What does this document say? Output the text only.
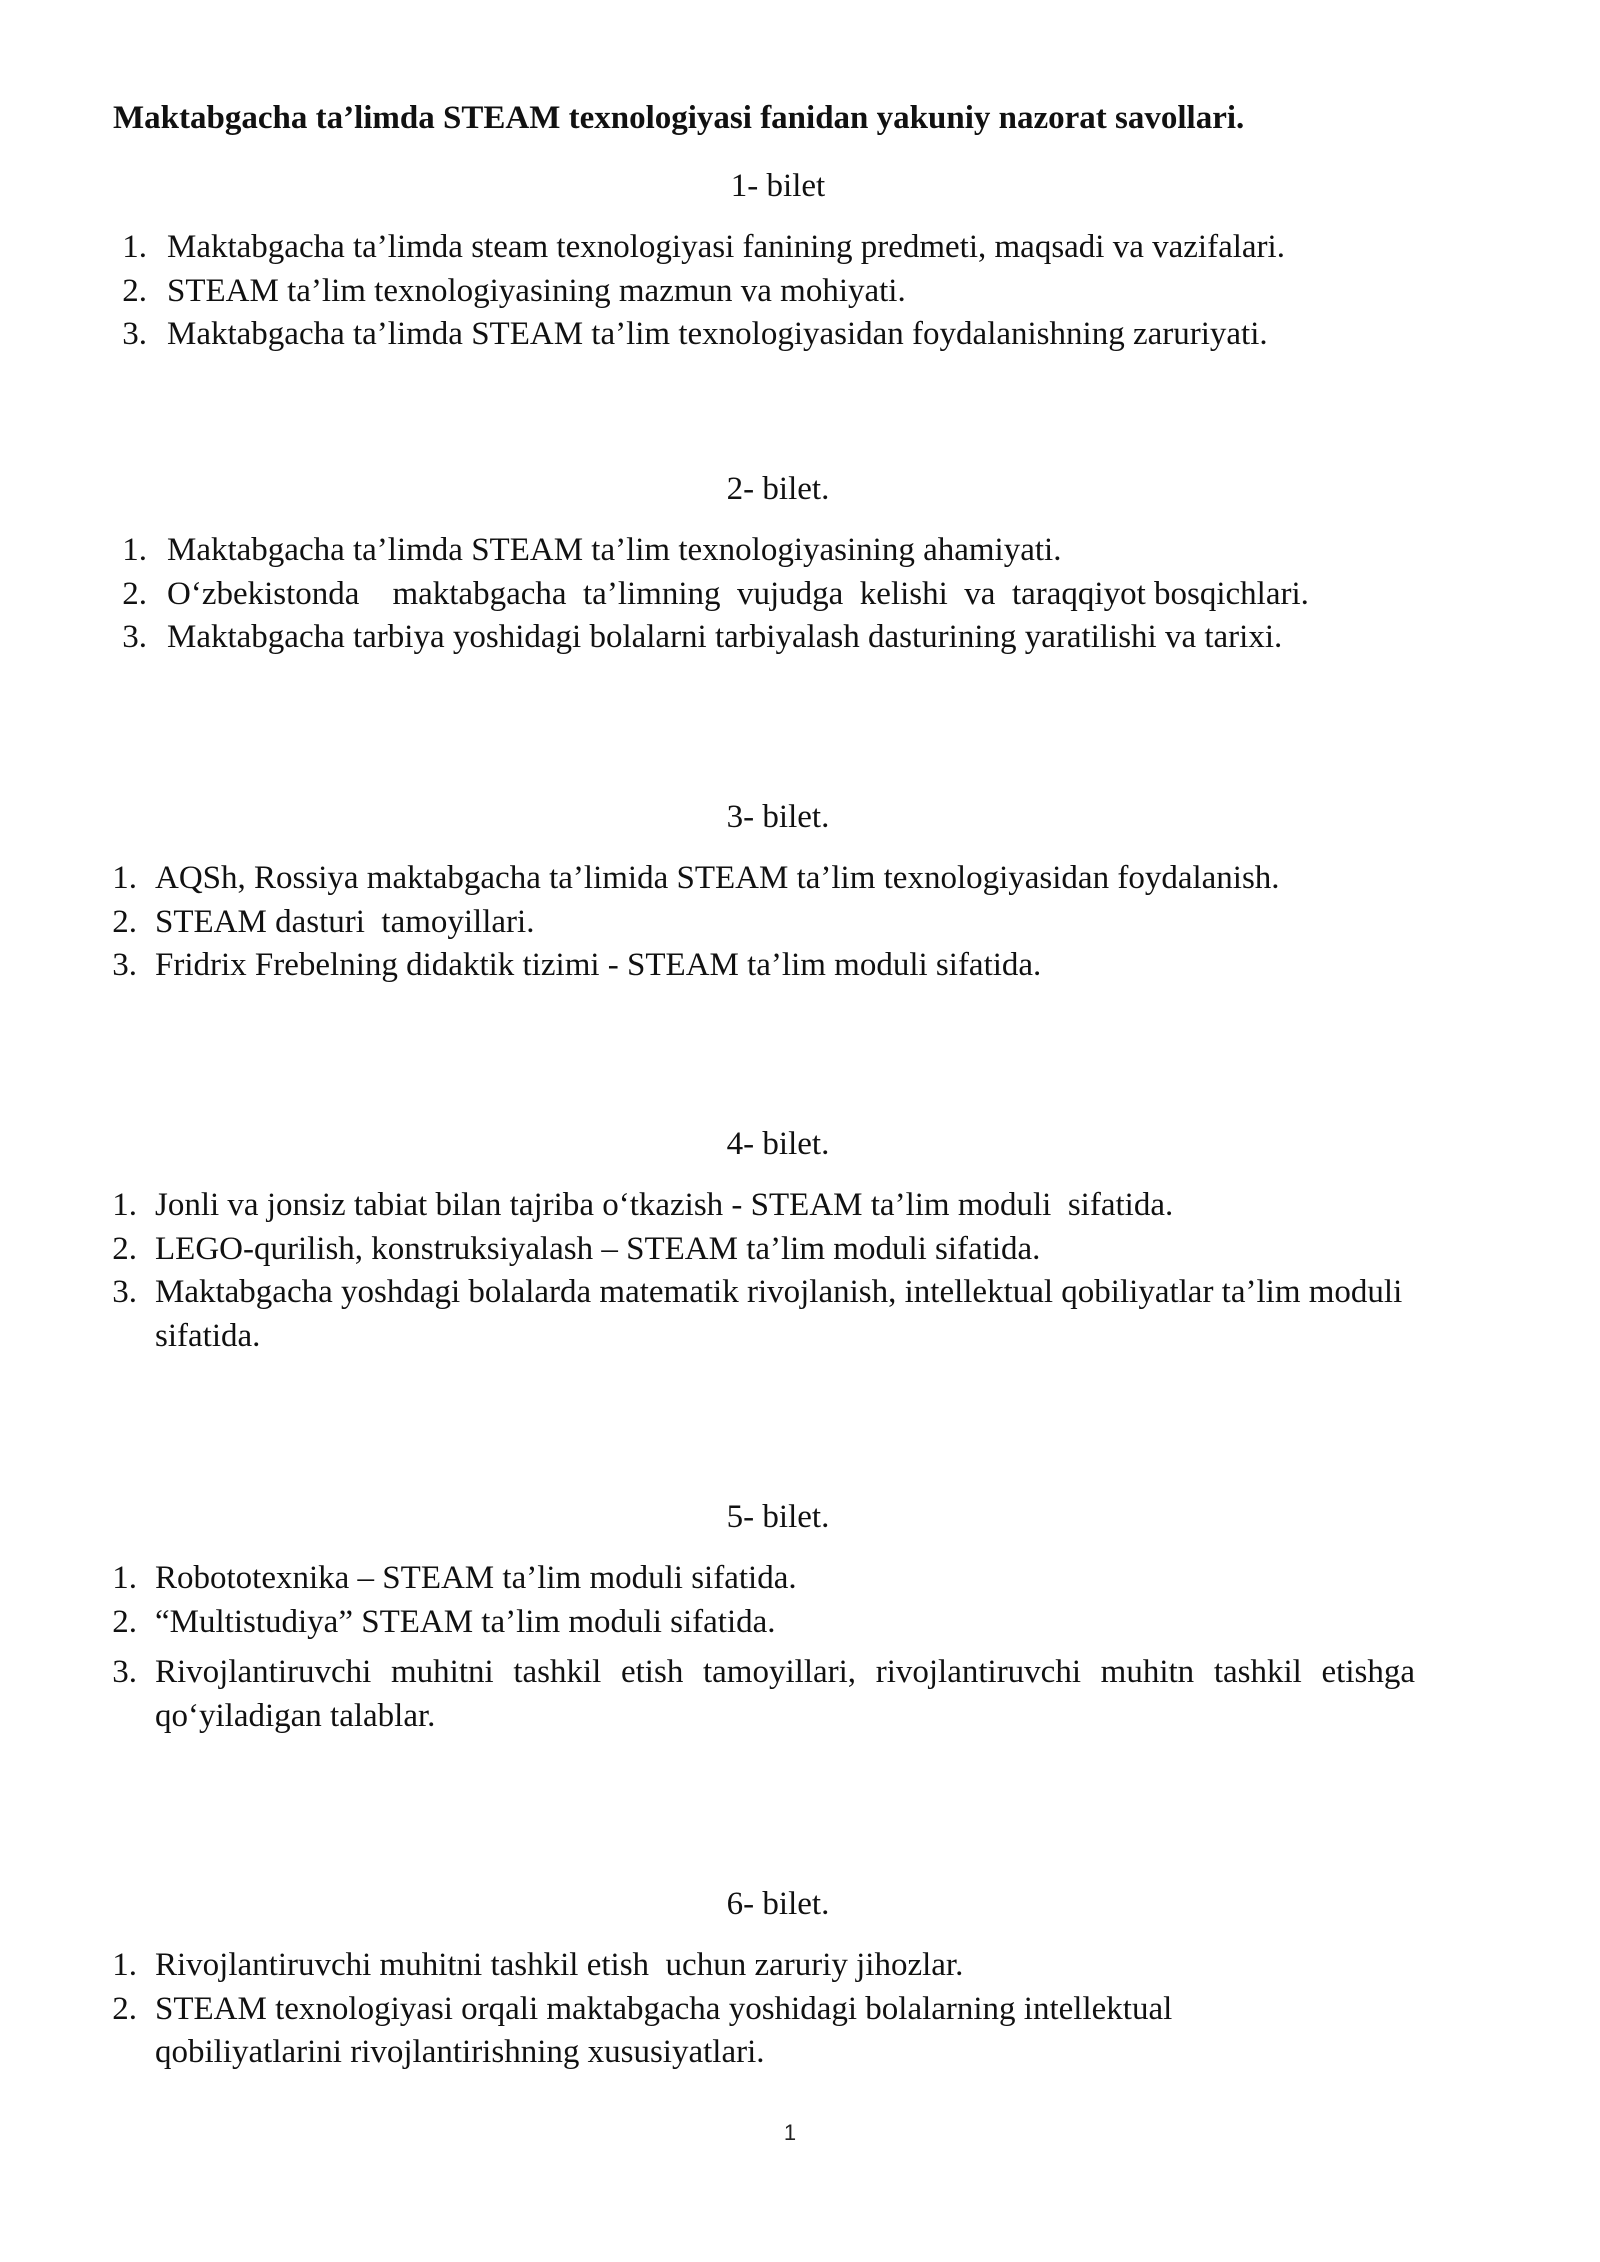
Maktabgacha ta’limda STEAM texnologiyasi fanidan yakuniy nazorat savollari.
1- bilet
1. Maktabgacha ta’limda steam texnologiyasi fanining predmeti, maqsadi va vazifalari.
2. STEAM ta’lim texnologiyasining mazmun va mohiyati.
3. Maktabgacha ta’limda STEAM ta’lim texnologiyasidan foydalanishning zaruriyati.
2- bilet.
1. Maktabgacha ta’limda STEAM ta’lim texnologiyasining ahamiyati.
2. O‘zbekistonda    maktabgacha  ta’limning  vujudga  kelishi  va  taraqqiyot bosqichlari.
3. Maktabgacha tarbiya yoshidagi bolalarni tarbiyalash dasturining yaratilishi va tarixi.
3- bilet.
1. AQSh, Rossiya maktabgacha ta’limida STEAM ta’lim texnologiyasidan foydalanish.
2. STEAM dasturi  tamoyillari.
3. Fridrix Frebelning didaktik tizimi - STEAM ta’lim moduli sifatida.
4- bilet.
1. Jonli va jonsiz tabiat bilan tajriba o‘tkazish - STEAM ta’lim moduli  sifatida.
2. LEGO-qurilish, konstruksiyalash – STEAM ta’lim moduli sifatida.
3. Maktabgacha yoshdagi bolalarda matematik rivojlanish, intellektual qobiliyatlar ta’lim moduli sifatida.
5- bilet.
1. Robototexnika – STEAM ta’lim moduli sifatida.
2. “Multistudiya” STEAM ta’lim moduli sifatida.
3. Rivojlantiruvchi muhitni tashkil etish tamoyillari, rivojlantiruvchi muhitn tashkil etishga qo‘yiladigan talablar.
6- bilet.
1. Rivojlantiruvchi muhitni tashkil etish  uchun zaruriy jihozlar.
2. STEAM texnologiyasi orqali maktabgacha yoshidagi bolalarning intellektual qobiliyatlarini rivojlantirishning xususiyatlari.
1
